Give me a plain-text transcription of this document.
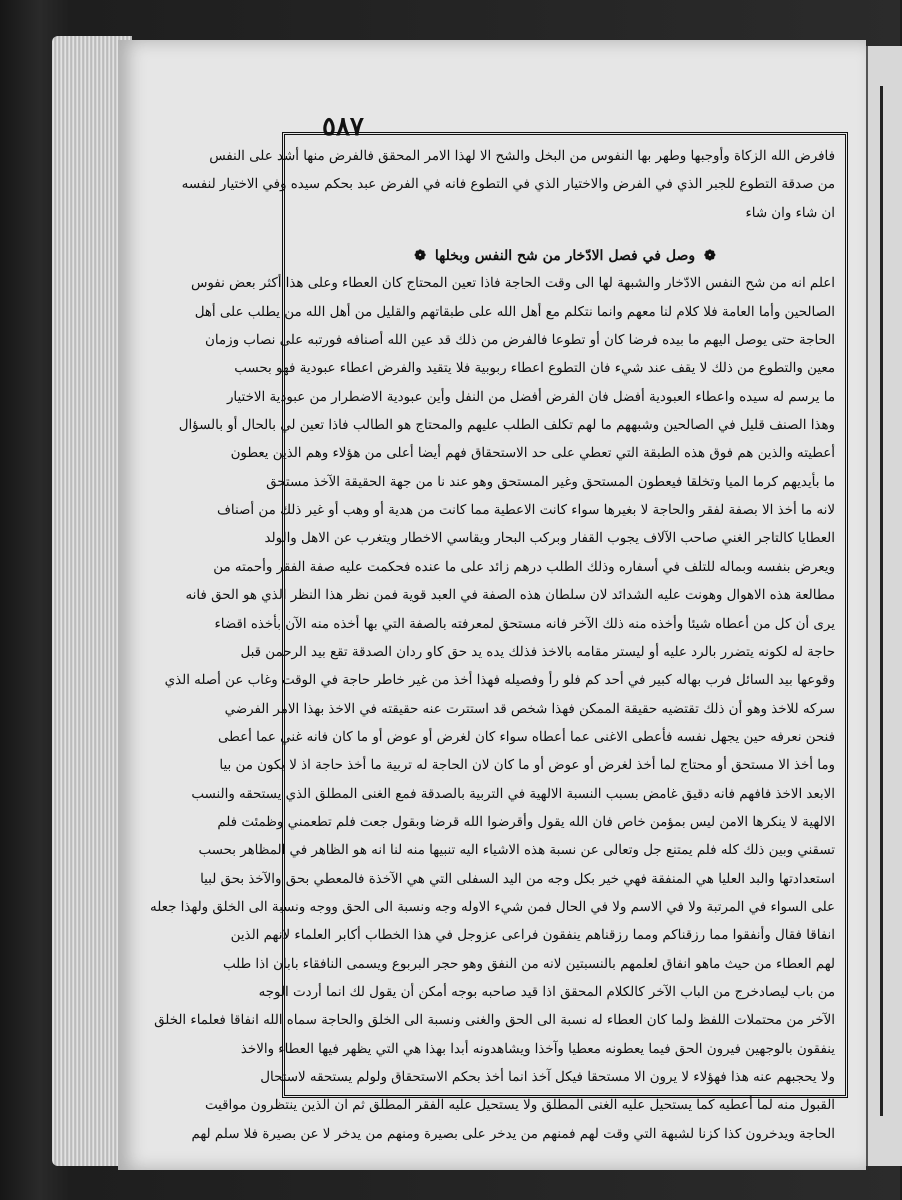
٥٨٧
فافرض الله الزكاة وأوجبها وطهر بها النفوس من البخل والشح الا لهذا الامر المحقق فالفرض منها أشد على النفس
من صدقة التطوع للجبر الذي في الفرض والاختيار الذي في التطوع فانه في الفرض عبد بحكم سيده وفي الاختيار لنفسه
ان شاء وان شاء
❁ وصل في فصل الادّخار من شح النفس وبخلها ❁
اعلم انه من شح النفس الادّخار والشبهة لها الى وقت الحاجة فاذا تعين المحتاج كان العطاء وعلى هذا أكثر بعض نفوس
الصالحين وأما العامة فلا كلام لنا معهم وانما نتكلم مع أهل الله على طبقاتهم والقليل من أهل الله من يطلب على أهل
الحاجة حتى يوصل اليهم ما بيده فرضا كان أو تطوعا فالفرض من ذلك قد عين الله أصنافه فورتبه على نصاب وزمان
معين والتطوع من ذلك لا يقف عند شيء فان التطوع اعطاء ربوبية فلا يتقيد والفرض اعطاء عبودية فهو بحسب
ما يرسم له سيده واعطاء العبودية أفضل فان الفرض أفضل من النفل وأين عبودية الاضطرار من عبودية الاختيار
وهذا الصنف قليل في الصالحين وشبههم ما لهم تكلف الطلب عليهم والمحتاج هو الطالب فاذا تعين لي بالحال أو بالسؤال
أعطيته والذين هم فوق هذه الطبقة التي تعطي على حد الاستحقاق فهم أيضا أعلى من هؤلاء وهم الذين يعطون
ما بأيديهم كرما الميا وتخلقا فيعطون المستحق وغير المستحق وهو عند نا من جهة الحقيقة الآخذ مستحق
لانه ما أخذ الا بصفة لفقر والحاجة لا بغيرها سواء كانت الاعطية مما كانت من هدية أو وهب أو غير ذلك من أصناف
العطايا كالتاجر الغني صاحب الآلاف يجوب القفار وبركب البحار ويقاسي الاخطار ويتغرب عن الاهل والولد
ويعرض بنفسه وبماله للتلف في أسفاره وذلك الطلب درهم زائد على ما عنده فحكمت عليه صفة الفقر وأحمته من
مطالعة هذه الاهوال وهونت عليه الشدائد لان سلطان هذه الصفة في العبد قوية فمن نظر هذا النظر الذي هو الحق فانه
يرى أن كل من أعطاه شيئا وأخذه منه ذلك الآخر فانه مستحق لمعرفته بالصفة التي بها أخذه منه الآن بأخذه اقضاء
حاجة له لكونه يتضرر بالرد عليه أو ليستر مقامه بالاخذ فذلك يده يد حق كاو ردان الصدقة تقع بيد الرحمن قبل
وقوعها بيد السائل فرب بهاله كبير في أحد كم فلو رأ وفصيله فهذا أخذ من غير خاطر حاجة في الوقت وغاب عن أصله الذي
سركه للاخذ وهو أن ذلك تقتضيه حقيقة الممكن فهذا شخص قد استترت عنه حقيقته في الاخذ بهذا الامر الفرضي
فنحن نعرفه حين يجهل نفسه فأعطى الاغنى عما أعطاه سواء كان لغرض أو عوض أو ما كان فانه غني عما أعطى
وما أخذ الا مستحق أو محتاج لما أخذ لغرض أو عوض أو ما كان لان الحاجة له تربية ما أخذ حاجة اذ لا يكون من بيا
الابعد الاخذ فافهم فانه دقيق غامض بسبب النسبة الالهية في التربية بالصدقة فمع الغنى المطلق الذي يستحقه والنسب
الالهية لا ينكرها الامن ليس بمؤمن خاص فان الله يقول وأقرضوا الله قرضا وبقول جعت فلم تطعمني وظمئت فلم
تسقني وبين ذلك كله فلم يمتنع جل وتعالى عن نسبة هذه الاشياء اليه تنبيها منه لنا انه هو الظاهر في المظاهر بحسب
استعدادتها والبد العليا هي المنفقة فهي خير بكل وجه من اليد السفلى التي هي الآخذة فالمعطي بحق والآخذ بحق لبيا
على السواء في المرتبة ولا في الاسم ولا في الحال فمن شيء الاوله وجه ونسبة الى الحق ووجه ونسبة الى الخلق ولهذا جعله
انفاقا فقال وأنفقوا مما رزقناكم ومما رزقناهم ينفقون فراعى عزوجل في هذا الخطاب أكابر العلماء لانهم الذين
لهم العطاء من حيث ماهو انفاق لعلمهم بالنسبتين لانه من النفق وهو حجر البربوع ويسمى النافقاء بابان اذا طلب
من باب ليصادخرج من الباب الآخر كالكلام المحقق اذا قيد صاحبه بوجه أمكن أن يقول لك انما أردت الوجه
الآخر من محتملات اللفظ ولما كان العطاء له نسبة الى الحق والغنى ونسبة الى الخلق والحاجة سماه الله انفاقا فعلماء الخلق
ينفقون بالوجهين فيرون الحق فيما يعطونه معطيا وآخذا ويشاهدونه أبدا بهذا هي التي يظهر فيها العطاء والاخذ
ولا يحجبهم عنه هذا فهؤلاء لا يرون الا مستحقا فيكل آخذ انما أخذ بحكم الاستحقاق ولولم يستحقه لاستحال
القبول منه لما أعطيه كما يستحيل عليه الغنى المطلق ولا يستحيل عليه الفقر المطلق ثم ان الذين ينتظرون مواقيت
الحاجة ويدخرون كذا كزنا لشبهة التي وقت لهم فمنهم من يدخر على بصيرة ومنهم من يدخر لا عن بصيرة فلا سلم لهم
